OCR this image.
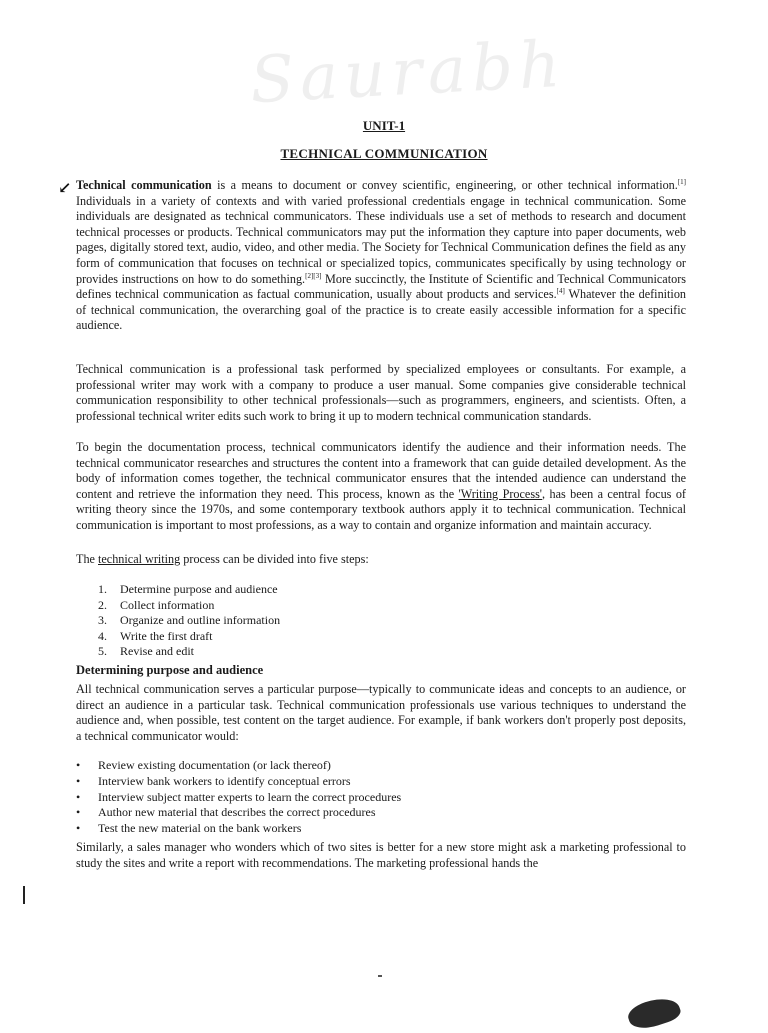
Saurabh
UNIT-1
TECHNICAL COMMUNICATION
↙ Technical communication is a means to document or convey scientific, engineering, or other technical information.[1] Individuals in a variety of contexts and with varied professional credentials engage in technical communication. Some individuals are designated as technical communicators. These individuals use a set of methods to research and document technical processes or products. Technical communicators may put the information they capture into paper documents, web pages, digitally stored text, audio, video, and other media. The Society for Technical Communication defines the field as any form of communication that focuses on technical or specialized topics, communicates specifically by using technology or provides instructions on how to do something.[2][3] More succinctly, the Institute of Scientific and Technical Communicators defines technical communication as factual communication, usually about products and services.[4] Whatever the definition of technical communication, the overarching goal of the practice is to create easily accessible information for a specific audience.

Technical communication is a professional task performed by specialized employees or consultants. For example, a professional writer may work with a company to produce a user manual. Some companies give considerable technical communication responsibility to other technical professionals—such as programmers, engineers, and scientists. Often, a professional technical writer edits such work to bring it up to modern technical communication standards.

To begin the documentation process, technical communicators identify the audience and their information needs. The technical communicator researches and structures the content into a framework that can guide detailed development. As the body of information comes together, the technical communicator ensures that the intended audience can understand the content and retrieve the information they need. This process, known as the 'Writing Process', has been a central focus of writing theory since the 1970s, and some contemporary textbook authors apply it to technical communication. Technical communication is important to most professions, as a way to contain and organize information and maintain accuracy.

The technical writing process can be divided into five steps:

1.	Determine purpose and audience
2.	Collect information
3.	Organize and outline information
4.	Write the first draft
5.	Revise and edit

Determining purpose and audience

All technical communication serves a particular purpose—typically to communicate ideas and concepts to an audience, or direct an audience in a particular task. Technical communication professionals use various techniques to understand the audience and, when possible, test content on the target audience. For example, if bank workers don't properly post deposits, a technical communicator would:

•	Review existing documentation (or lack thereof)
•	Interview bank workers to identify conceptual errors
•	Interview subject matter experts to learn the correct procedures
•	Author new material that describes the correct procedures
•	Test the new material on the bank workers

Similarly, a sales manager who wonders which of two sites is better for a new store might ask a marketing professional to study the sites and write a report with recommendations. The marketing professional hands the
